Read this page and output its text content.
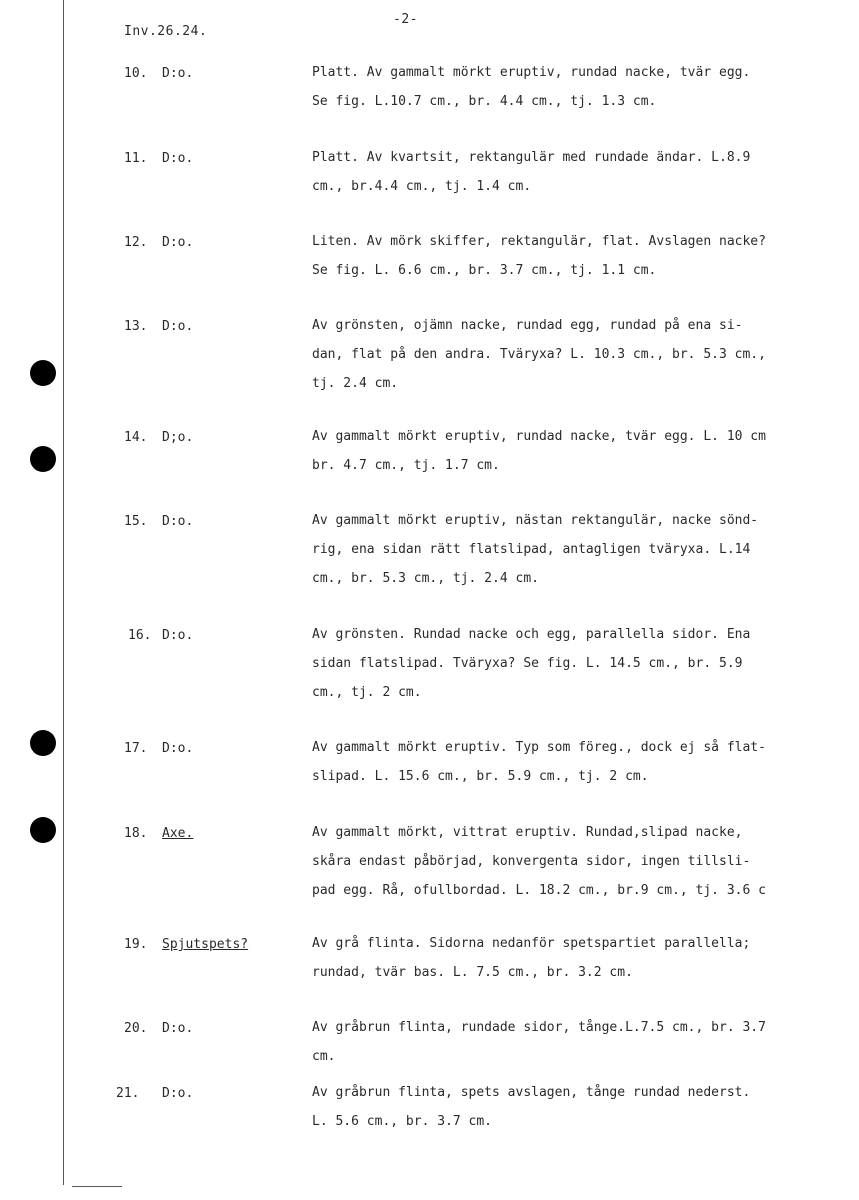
Inv.26.24.
-2-
10. D:o.	Platt. Av gammalt mörkt eruptiv, rundad nacke, tvär egg.
Se fig. L.10.7 cm., br. 4.4 cm., tj. 1.3 cm.
11. D:o.	Platt. Av kvartsit, rektangulär med rundade ändar. L.8.9
cm., br.4.4 cm., tj. 1.4 cm.
12. D:o.	Liten. Av mörk skiffer, rektangulär, flat. Avslagen nacke?
Se fig. L. 6.6 cm., br. 3.7 cm., tj. 1.1 cm.
13. D:o.	Av grönsten, ojämn nacke, rundad egg, rundad på ena si-
dan, flat på den andra. Tväryxa? L. 10.3 cm., br. 5.3 cm.,
tj. 2.4 cm.
14. D;o.	Av gammalt mörkt eruptiv, rundad nacke, tvär egg. L. 10 cm
br. 4.7 cm., tj. 1.7 cm.
15. D:o.	Av gammalt mörkt eruptiv, nästan rektangulär, nacke sönd-
rig, ena sidan rätt flatslipad, antagligen tväryxa. L.14
cm., br. 5.3 cm., tj. 2.4 cm.
16. D:o.	Av grönsten. Rundad nacke och egg, parallella sidor. Ena
sidan flatslipad. Tväryxa? Se fig. L. 14.5 cm., br. 5.9
cm., tj. 2 cm.
17. D:o.	Av gammalt mörkt eruptiv. Typ som föreg., dock ej så flat-
slipad. L. 15.6 cm., br. 5.9 cm., tj. 2 cm.
18. Axe.	Av gammalt mörkt, vittrat eruptiv. Rundad,slipad nacke,
skåra endast påbörjad, konvergenta sidor, ingen tillsli-
pad egg. Rå, ofullbordad. L. 18.2 cm., br.9 cm., tj. 3.6 c
19. Spjutspets?	Av grå flinta. Sidorna nedanför spetspartiet parallella;
rundad, tvär bas. L. 7.5 cm., br. 3.2 cm.
20. D:o.	Av gråbrun flinta, rundade sidor, tånge.L.7.5 cm., br. 3.7
cm.
21. D:o.	Av gråbrun flinta, spets avslagen, tånge rundad nederst.
L. 5.6 cm., br. 3.7 cm.
